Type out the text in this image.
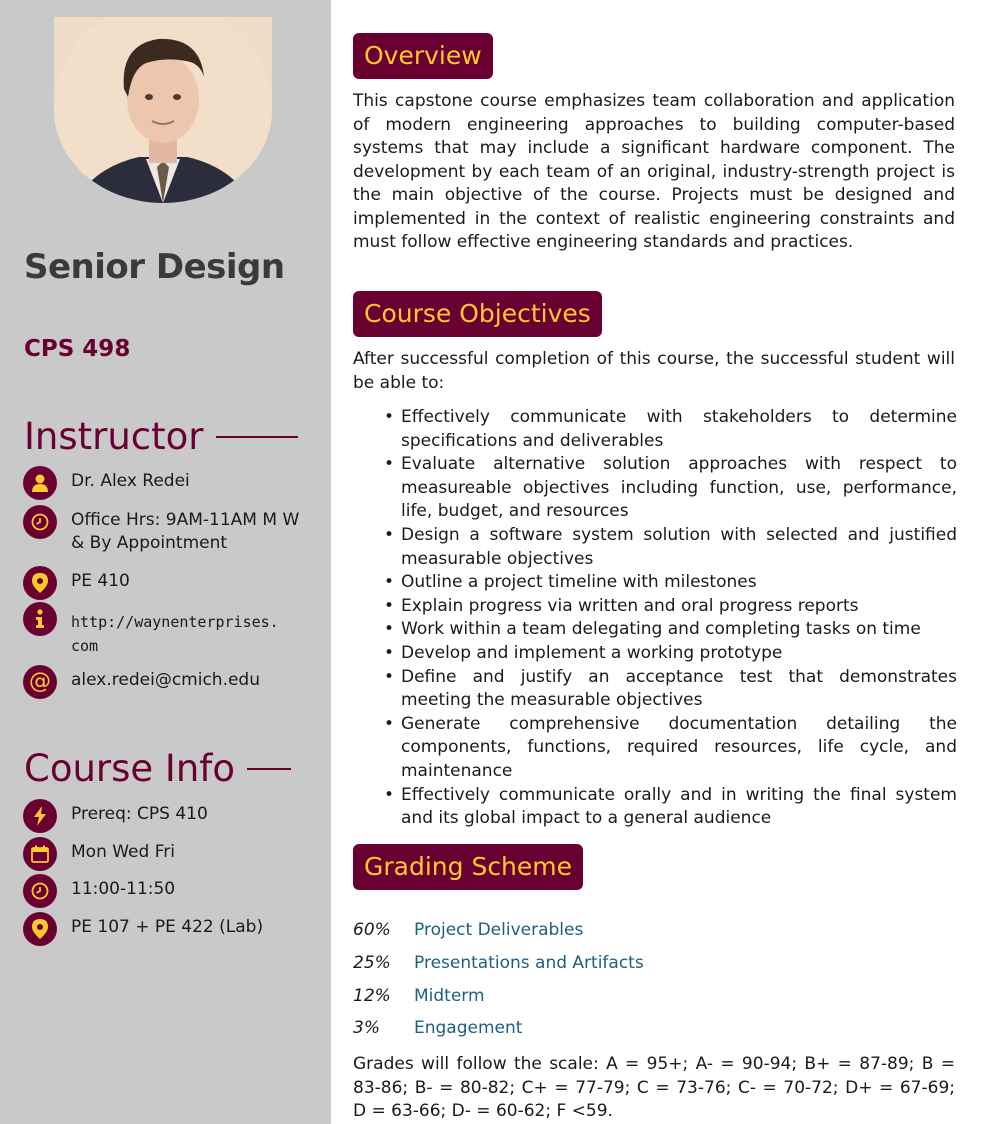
Senior Design
CPS 498
Instructor
Dr. Alex Redei
Office Hrs: 9AM-11AM M W
& By Appointment
PE 410
http://waynenterprises.
com
@ alex.redei@cmich.edu
Course Info
Prereq: CPS 410
Mon Wed Fri
11:00-11:50
PE 107 + PE 422 (Lab)
Overview

This capstone course emphasizes team collaboration and application of modern engineering approaches to building computer-based systems that may include a significant hardware component. The development by each team of an original, industry-strength project is the main objective of the course. Projects must be designed and implemented in the context of realistic engineering constraints and must follow effective engineering standards and practices.

Course Objectives

After successful completion of this course, the successful student will be able to:

• Effectively communicate with stakeholders to determine specifications and deliverables
• Evaluate alternative solution approaches with respect to measureable objectives including function, use, performance, life, budget, and resources
• Design a software system solution with selected and justified measurable objectives
• Outline a project timeline with milestones
• Explain progress via written and oral progress reports
• Work within a team delegating and completing tasks on time
• Develop and implement a working prototype
• Define and justify an acceptance test that demonstrates meeting the measurable objectives
• Generate comprehensive documentation detailing the components, functions, required resources, life cycle, and maintenance
• Effectively communicate orally and in writing the final system and its global impact to a general audience
Grading Scheme
60%	Project Deliverables
25%	Presentations and Artifacts
12%	Midterm
3%	Engagement

Grades will follow the scale: A = 95+; A- = 90-94; B+ = 87-89; B = 83-86; B- = 80-82; C+ = 77-79; C = 73-76; C- = 70-72; D+ = 67-69; D = 63-66; D- = 60-62; F <59.
